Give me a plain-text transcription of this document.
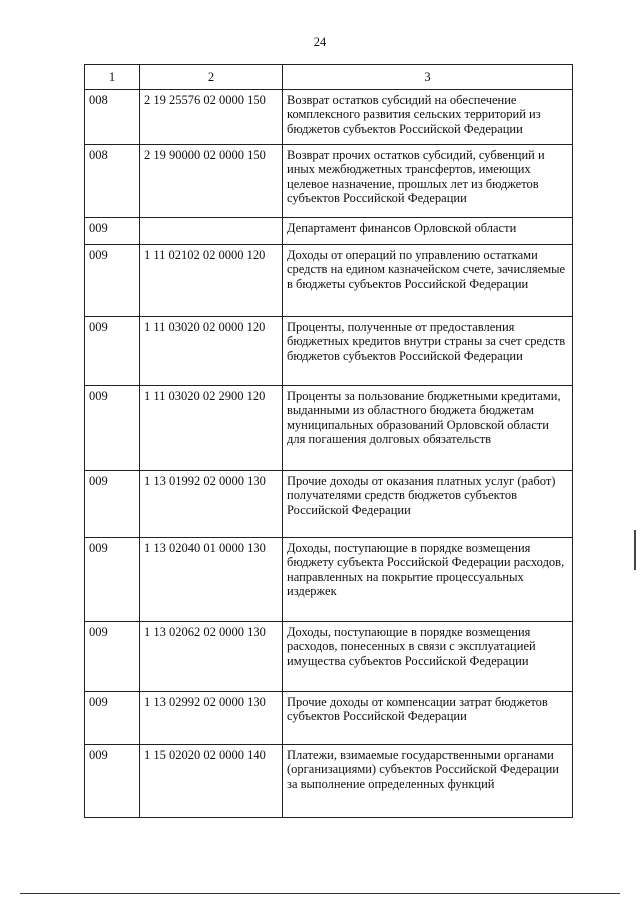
24
1	2	3
008	2 19 25576 02 0000 150	Возврат остатков субсидий на обеспечение комплексного развития сельских территорий из бюджетов субъектов Российской Федерации
008	2 19 90000 02 0000 150	Возврат прочих остатков субсидий, субвенций и иных межбюджетных трансфертов, имеющих целевое назначение, прошлых лет из бюджетов субъектов Российской Федерации
009		Департамент финансов Орловской области
009	1 11 02102 02 0000 120	Доходы от операций по управлению остатками средств на едином казначейском счете, зачисляемые в бюджеты субъектов Российской Федерации
009	1 11 03020 02 0000 120	Проценты, полученные от предоставления бюджетных кредитов внутри страны за счет средств бюджетов субъектов Российской Федерации
009	1 11 03020 02 2900 120	Проценты за пользование бюджетными кредитами, выданными из областного бюджета бюджетам муниципальных образований Орловской области для погашения долговых обязательств
009	1 13 01992 02 0000 130	Прочие доходы от оказания платных услуг (работ) получателями средств бюджетов субъектов Российской Федерации
009	1 13 02040 01 0000 130	Доходы, поступающие в порядке возмещения бюджету субъекта Российской Федерации расходов, направленных на покрытие процессуальных издержек
009	1 13 02062 02 0000 130	Доходы, поступающие в порядке возмещения расходов, понесенных в связи с эксплуатацией имущества субъектов Российской Федерации
009	1 13 02992 02 0000 130	Прочие доходы от компенсации затрат бюджетов субъектов Российской Федерации
009	1 15 02020 02 0000 140	Платежи, взимаемые государственными органами (организациями) субъектов Российской Федерации за выполнение определенных функций
